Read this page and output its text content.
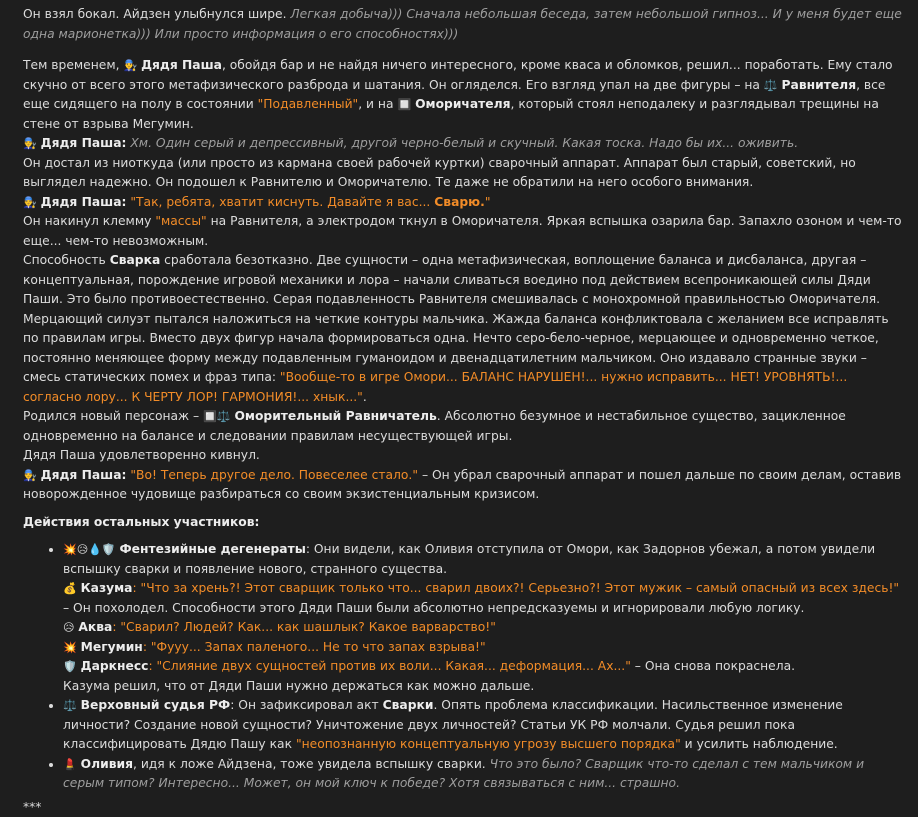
Он взял бокал. Айдзен улыбнулся шире. Легкая добыча))) Сначала небольшая беседа, затем небольшой гипноз... И у меня будет еще одна марионетка))) Или просто информация о его способностях)))

Тем временем, 👨‍🔧 Дядя Паша, обойдя бар и не найдя ничего интересного, кроме кваса и обломков, решил... поработать. Ему стало скучно от всего этого метафизического разброда и шатания. Он огляделся. Его взгляд упал на две фигуры – на ⚖️ Равнителя, все еще сидящего на полу в состоянии "Подавленный", и на 🔲 Оморичателя, который стоял неподалеку и разглядывал трещины на стене от взрыва Мегумин.

👨‍🔧 Дядя Паша: Хм. Один серый и депрессивный, другой черно-белый и скучный. Какая тоска. Надо бы их... оживить.

Он достал из ниоткуда (или просто из кармана своей рабочей куртки) сварочный аппарат. Аппарат был старый, советский, но выглядел надежно. Он подошел к Равнителю и Оморичателю. Те даже не обратили на него особого внимания.

👨‍🔧 Дядя Паша: "Так, ребята, хватит киснуть. Давайте я вас... Сварю."

Он накинул клемму "массы" на Равнителя, а электродом ткнул в Оморичателя. Яркая вспышка озарила бар. Запахло озоном и чем-то еще... чем-то невозможным.

Способность Сварка сработала безотказно. Две сущности – одна метафизическая, воплощение баланса и дисбаланса, другая – концептуальная, порождение игровой механики и лора – начали сливаться воедино под действием всепроникающей силы Дяди Паши. Это было противоестественно. Серая подавленность Равнителя смешивалась с монохромной правильностью Оморичателя. Мерцающий силуэт пытался наложиться на четкие контуры мальчика. Жажда баланса конфликтовала с желанием все исправлять по правилам игры. Вместо двух фигур начала формироваться одна. Нечто серо-бело-черное, мерцающее и одновременно четкое, постоянно меняющее форму между подавленным гуманоидом и двенадцатилетним мальчиком. Оно издавало странные звуки – смесь статических помех и фраз типа: "Вообще-то в игре Омори... БАЛАНС НАРУШЕН!... нужно исправить... НЕТ! УРОВНЯТЬ!... согласно лору... К ЧЕРТУ ЛОР! ГАРМОНИЯ!... хнык...".

Родился новый персонаж – 🔲⚖️ Оморительный Равничатель. Абсолютно безумное и нестабильное существо, зацикленное одновременно на балансе и следовании правилам несуществующей игры.

Дядя Паша удовлетворенно кивнул.

👨‍🔧 Дядя Паша: "Во! Теперь другое дело. Повеселее стало." – Он убрал сварочный аппарат и пошел дальше по своим делам, оставив новорожденное чудовище разбираться со своим экзистенциальным кризисом.

Действия остальных участников:

• 💥😥💧🛡️ Фентезийные дегенераты: Они видели, как Оливия отступила от Омори, как Задорнов убежал, а потом увидели вспышку сварки и появление нового, странного существа.
💰 Казума: "Что за хрень?! Этот сварщик только что... сварил двоих?! Серьезно?! Этот мужик – самый опасный из всех здесь!" – Он похолодел. Способности этого Дяди Паши были абсолютно непредсказуемы и игнорировали любую логику.
😥 Аква: "Сварил? Людей? Как... как шашлык? Какое варварство!"
💥 Мегумин: "Фууу... Запах паленого... Не то что запах взрыва!"
🛡️ Даркнесс: "Слияние двух сущностей против их воли... Какая... деформация... Ах..." – Она снова покраснела.
Казума решил, что от Дяди Паши нужно держаться как можно дальше.
• ⚖️ Верховный судья РФ: Он зафиксировал акт Сварки. Опять проблема классификации. Насильственное изменение личности? Создание новой сущности? Уничтожение двух личностей? Статьи УК РФ молчали. Судья решил пока классифицировать Дядю Пашу как "неопознанную концептуальную угрозу высшего порядка" и усилить наблюдение.
• 💄 Оливия, идя к ложе Айдзена, тоже увидела вспышку сварки. Что это было? Сварщик что-то сделал с тем мальчиком и серым типом? Интересно... Может, он мой ключ к победе? Хотя связываться с ним... страшно.

***
